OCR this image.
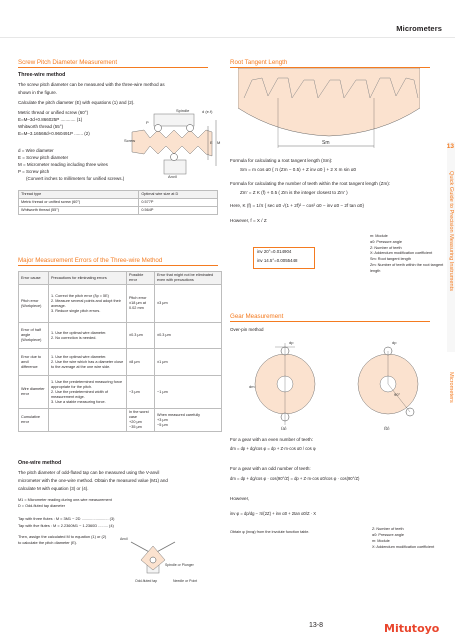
Micrometers
13
Quick Guide to Precision Measuring Instruments
Micrometers
Screw Pitch Diameter Measurement
Three-wire method
The screw pitch diameter can be measured with the three-wire method as
shown in the figure.
Calculate the pitch diameter (E) with equations (1) and (2).
Metric thread or unified screw (60°)
E=M–3d+0.866025P ............ (1)
Whitworth thread (55°)
E=M–3.16568d+0.960491P ....... (2)
d = Wire diameter
E = Screw pitch diameter
M = Micrometer reading including three wires
P = Screw pitch
(Convert inches to millimeters for unified screws.)
Spindle	d (e.f)
P
Screw	E M
Anvil
Thread type	Optimal wire size at D
Metric thread or unified screw (60°)	0.577P
Whitworth thread (55°)	0.564P
Major Measurement Errors of the Three-wire Method
Error cause	Precautions for eliminating errors	Possible error	Error that might not be eliminated even with precautions
Pitch error (Workpiece)	1. Correct the pitch error (δp = δE)
2. Measure several points and adopt their average.
3. Reduce single pitch errors.	Pitch error ±18 μm at 0.02 mm	±3 μm
Error of half angle (Workpiece)	1. Use the optimal wire diameter.
2. No correction is needed.	±0.3 μm	±0.3 μm
Error due to anvil difference	1. Use the optimal wire diameter.
2. Use the wire which has a diameter close to the average at the one wire side.	±8 μm	±1 μm
Wire diameter error	1. Use the predetermined measuring force appropriate for the pitch.
2. Use the predetermined width of measurement edge.
3. Use a stable measuring force.	−3 μm	−1 μm
Cumulative error		In the worst case
+20 μm
−35 μm	When measured carefully
+3 μm
−5 μm
One-wire method
The pitch diameter of odd-fluted tap can be measured using the V-anvil
micrometer with the one-wire method. Obtain the measured value (M1) and
calculate M with equation (3) or (4).
M1 = Micrometer reading during one-wire measurement
D = Odd-fluted tap diameter
Tap with three flutes : M = 3M1 − 2D ......................... (3)
Tap with five flutes : M = 2.2360M1 − 1.2360D ......... (4)
Then, assign the calculated M to equation (1) or (2)
to calculate the pitch diameter (E).
Anvil
Spindle or Plunger
Odd-fluted tap	Needle or Point
Root Tangent Length
Sm
Formula for calculating a root tangent length (Sm):
Sm = m cos α0 { π (Zm − 0.5) + Z inv α0 } + 2 X m sin α0
Formula for calculating the number of teeth within the root tangent length (Zm):
Zm' = Z K (f) + 0.5 ( Zm is the integer closest to Zm' )
Here, K (f) = 1/π { sec α0 √(1 + 2f)² − cos² α0 − inv α0 − 2f tan α0}
However, f = X / Z
inv 20°=0.014904
inv 14.5°=0.0055448
m: Module
α0: Pressure angle
Z: Number of teeth
X: Addendum modification coefficient
Sm: Root tangent length
Zm: Number of teeth within the root tangent length
Gear Measurement
Over-pin method
dp
dm
(a)
dp
90°
(b)
For a gear with an even number of teeth:
dm = dp + dg/cos φ = dp + Z·m·cos α0 / cos φ
For a gear with an odd number of teeth:
dm = dp + dg/cos φ · cos(90°/Z) = dp + Z·m·cos α0/cos φ · cos(90°/Z)
However,
inv φ = dp/dg − π/(2Z) + inv α0 + 2tan α0/Z · X
Obtain φ (invφ) from the involute function table.
Z: Number of teeth
α0: Pressure angle
m: Module
X: Addendum modification coefficient
13-8	Mitutoyo
